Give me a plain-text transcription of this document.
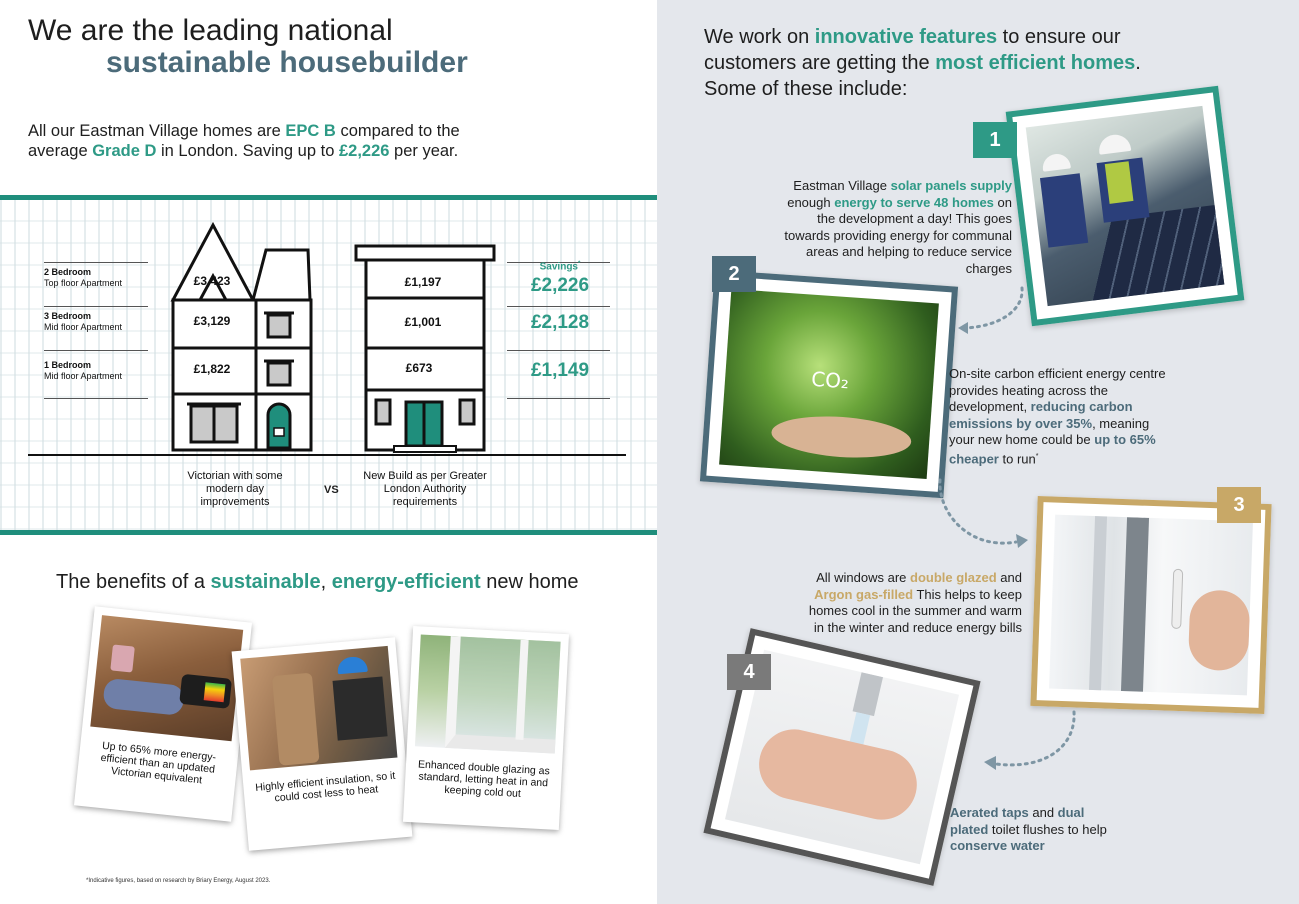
We are the leading national
sustainable housebuilder
All our Eastman Village homes are EPC B compared to the average Grade D in London. Saving up to £2,226 per year.
2 Bedroom
Top floor Apartment
3 Bedroom
Mid floor Apartment
1 Bedroom
Mid floor Apartment
£3,423
£3,129
£1,822
£1,197
£1,001
£673
Savings*
£2,226
£2,128
£1,149
Victorian with some modern day improvements
VS
New Build as per Greater London Authority requirements
The benefits of a sustainable, energy-efficient new home
Up to 65% more energy-efficient than an updated Victorian equivalent	Highly efficient insulation, so it could cost less to heat
Enhanced double glazing as standard, letting heat in and keeping cold out
*Indicative figures, based on research by Briary Energy, August 2023.
We work on innovative features to ensure our customers are getting the most efficient homes. Some of these include:
1
Eastman Village solar panels supply enough energy to serve 48 homes on the development a day! This goes towards providing energy for communal areas and helping to reduce service charges
CO₂
2
On-site carbon efficient energy centre provides heating across the development, reducing carbon emissions by over 35%, meaning your new home could be up to 65% cheaper to run*
3
All windows are double glazed and Argon gas-filled This helps to keep homes cool in the summer and warm in the winter and reduce energy bills
4
Aerated taps and dual plated toilet flushes to help conserve water
